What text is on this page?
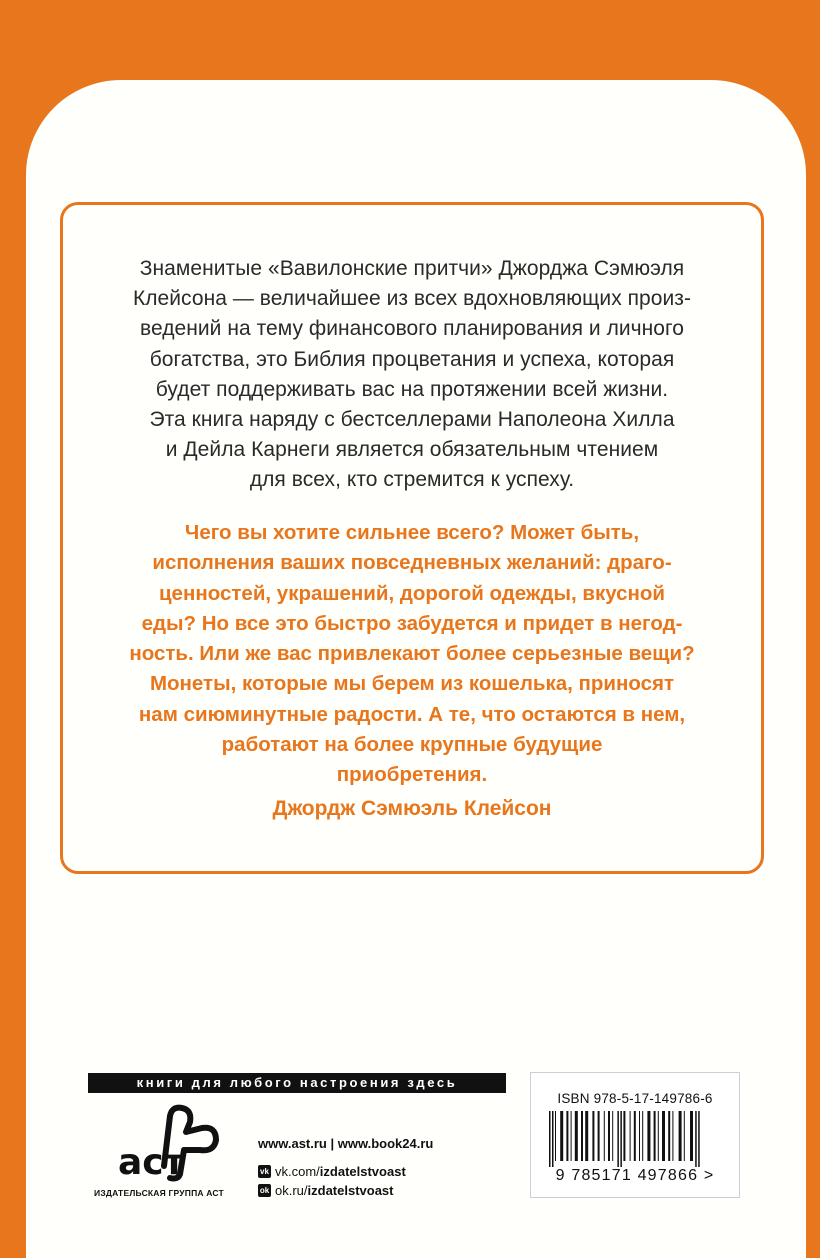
Знаменитые «Вавилонские притчи» Джорджа Сэмюэля
Клейсона — величайшее из всех вдохновляющих произ-
ведений на тему финансового планирования и личного
богатства, это Библия процветания и успеха, которая
будет поддерживать вас на протяжении всей жизни.
Эта книга наряду с бестселлерами Наполеона Хилла
и Дейла Карнеги является обязательным чтением
для всех, кто стремится к успеху.
Чего вы хотите сильнее всего? Может быть,
исполнения ваших повседневных желаний: драго-
ценностей, украшений, дорогой одежды, вкусной
еды? Но все это быстро забудется и придет в негод-
ность. Или же вас привлекают более серьезные вещи?
Монеты, которые мы берем из кошелька, приносят
нам сиюминутные радости. А те, что остаются в нем,
работают на более крупные будущие
приобретения.
Джордж Сэмюэль Клейсон
книги для любого настроения здесь
аст
ИЗДАТЕЛЬСКАЯ ГРУППА АСТ
www.ast.ru | www.book24.ru
vk vk.com/izdatelstvoast
ok ok.ru/izdatelstvoast
ISBN 978-5-17-149786-6
9 785171 497866 >
